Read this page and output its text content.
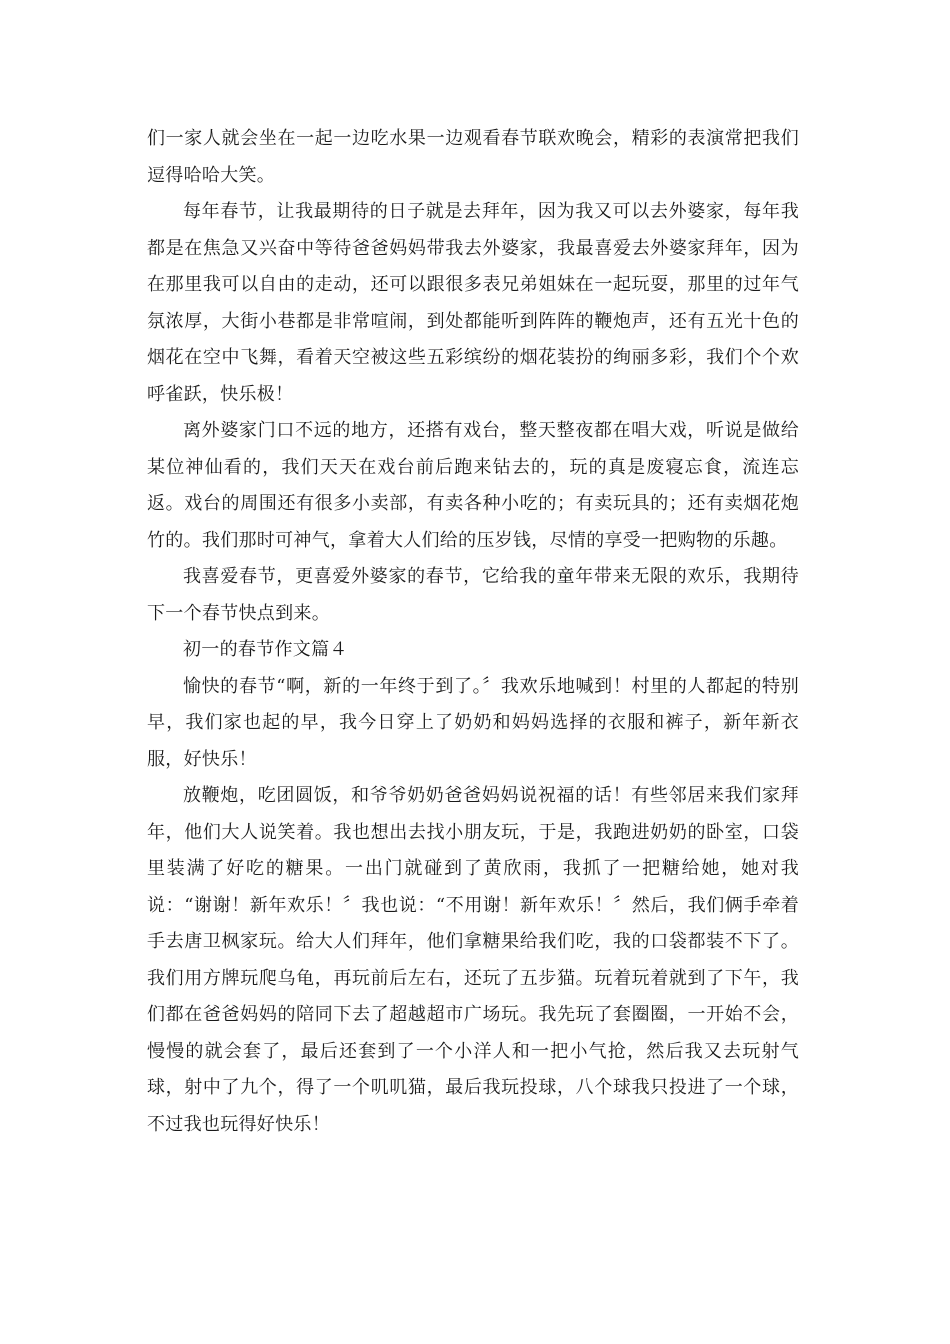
们一家人就会坐在一起一边吃水果一边观看春节联欢晚会，精彩的表演常把我们逗得哈哈大笑。

每年春节，让我最期待的日子就是去拜年，因为我又可以去外婆家，每年我都是在焦急又兴奋中等待爸爸妈妈带我去外婆家，我最喜爱去外婆家拜年，因为在那里我可以自由的走动，还可以跟很多表兄弟姐妹在一起玩耍，那里的过年气氛浓厚，大街小巷都是非常喧闹，到处都能听到阵阵的鞭炮声，还有五光十色的烟花在空中飞舞，看着天空被这些五彩缤纷的烟花装扮的绚丽多彩，我们个个欢呼雀跃，快乐极！

离外婆家门口不远的地方，还搭有戏台，整天整夜都在唱大戏，听说是做给某位神仙看的，我们天天在戏台前后跑来钻去的，玩的真是废寝忘食，流连忘返。戏台的周围还有很多小卖部，有卖各种小吃的；有卖玩具的；还有卖烟花炮竹的。我们那时可神气，拿着大人们给的压岁钱，尽情的享受一把购物的乐趣。

我喜爱春节，更喜爱外婆家的春节，它给我的童年带来无限的欢乐，我期待下一个春节快点到来。

初一的春节作文篇４

愉快的春节“啊，新的一年终于到了。〞我欢乐地喊到！村里的人都起的特别早，我们家也起的早，我今日穿上了奶奶和妈妈选择的衣服和裤子，新年新衣服，好快乐！

放鞭炮，吃团圆饭，和爷爷奶奶爸爸妈妈说祝福的话！有些邻居来我们家拜年，他们大人说笑着。我也想出去找小朋友玩，于是，我跑进奶奶的卧室，口袋里装满了好吃的糖果。一出门就碰到了黄欣雨，我抓了一把糖给她，她对我说：“谢谢！新年欢乐！〞我也说：“不用谢！新年欢乐！〞然后，我们俩手牵着手去唐卫枫家玩。给大人们拜年，他们拿糖果给我们吃，我的口袋都装不下了。我们用方牌玩爬乌龟，再玩前后左右，还玩了五步猫。玩着玩着就到了下午，我们都在爸爸妈妈的陪同下去了超越超市广场玩。我先玩了套圈圈，一开始不会，慢慢的就会套了，最后还套到了一个小洋人和一把小气抢，然后我又去玩射气球，射中了九个，得了一个叽叽猫，最后我玩投球，八个球我只投进了一个球，不过我也玩得好快乐！
